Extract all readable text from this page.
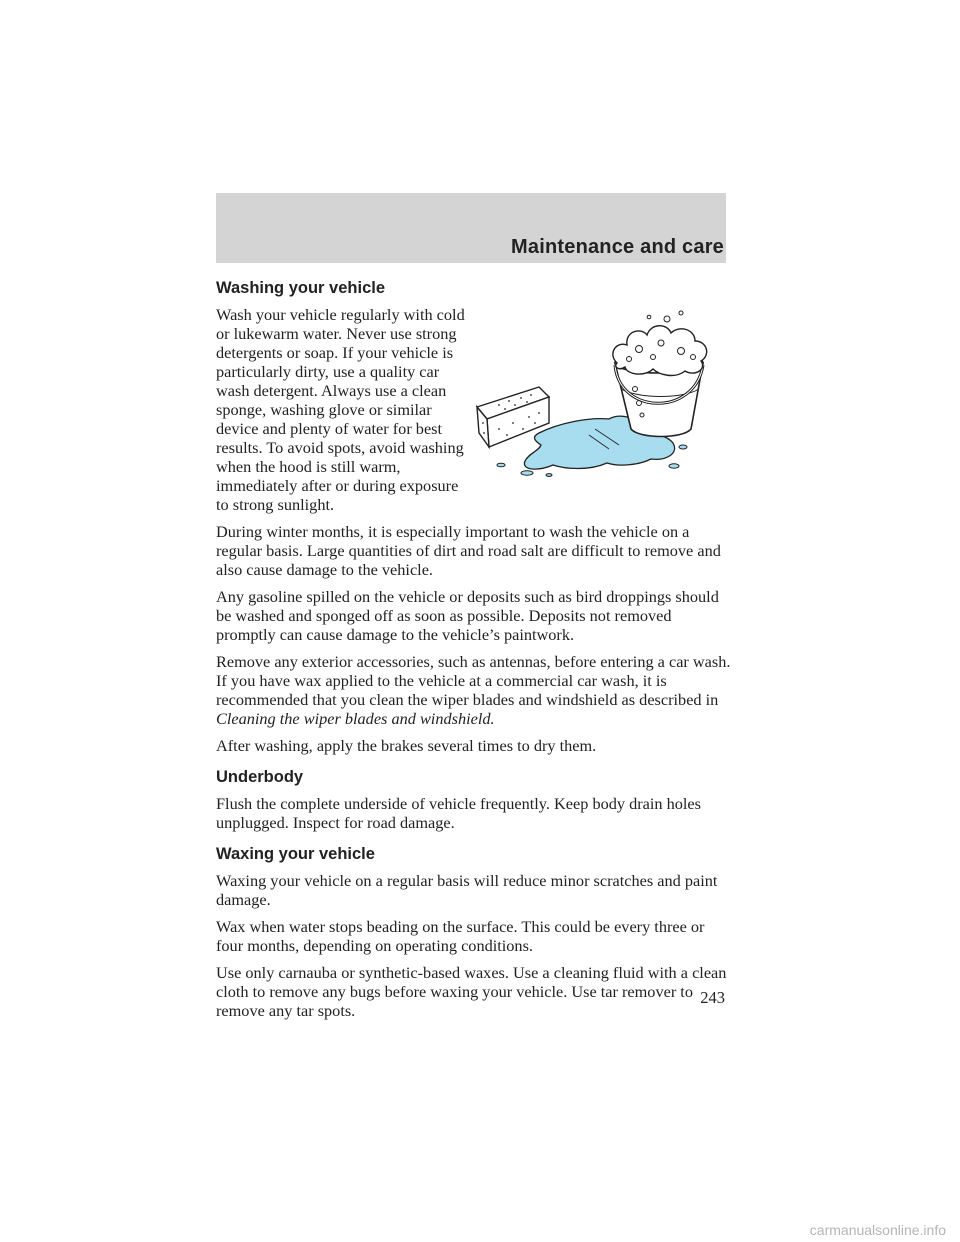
Maintenance and care
Washing your vehicle

Wash your vehicle regularly with cold or lukewarm water. Never use strong detergents or soap. If your vehicle is particularly dirty, use a quality car wash detergent. Always use a clean sponge, washing glove or similar device and plenty of water for best results. To avoid spots, avoid washing when the hood is still warm, immediately after or during exposure to strong sunlight.

During winter months, it is especially important to wash the vehicle on a regular basis. Large quantities of dirt and road salt are difficult to remove and also cause damage to the vehicle.

Any gasoline spilled on the vehicle or deposits such as bird droppings should be washed and sponged off as soon as possible. Deposits not removed promptly can cause damage to the vehicle’s paintwork.

Remove any exterior accessories, such as antennas, before entering a car wash. If you have wax applied to the vehicle at a commercial car wash, it is recommended that you clean the wiper blades and windshield as described in Cleaning the wiper blades and windshield.

After washing, apply the brakes several times to dry them.

Underbody

Flush the complete underside of vehicle frequently. Keep body drain holes unplugged. Inspect for road damage.

Waxing your vehicle

Waxing your vehicle on a regular basis will reduce minor scratches and paint damage.

Wax when water stops beading on the surface. This could be every three or four months, depending on operating conditions.

Use only carnauba or synthetic-based waxes. Use a cleaning fluid with a clean cloth to remove any bugs before waxing your vehicle. Use tar remover to remove any tar spots.

243
carmanualsonline.info
